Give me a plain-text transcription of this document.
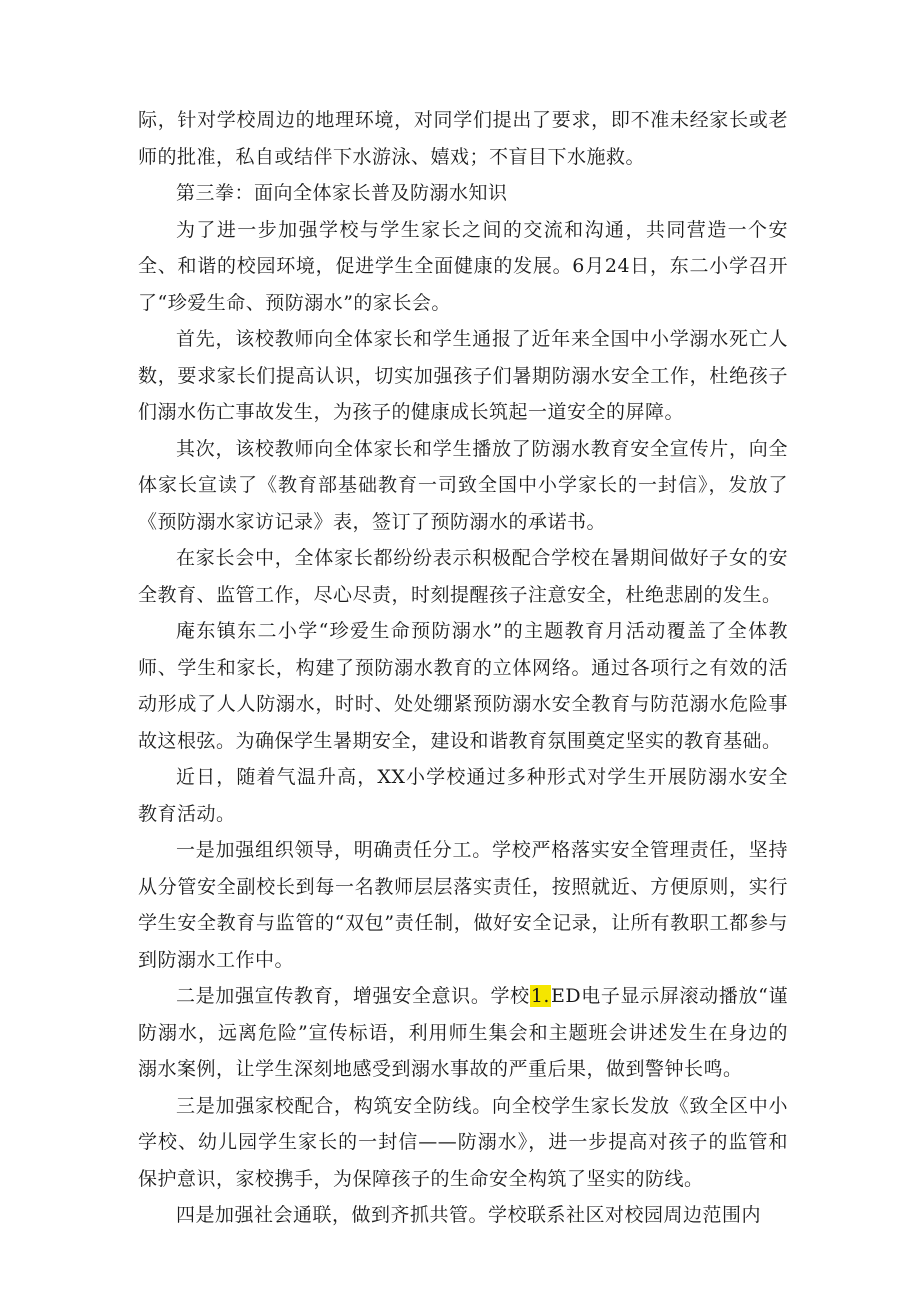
际，针对学校周边的地理环境，对同学们提出了要求，即不准未经家长或老师的批准，私自或结伴下水游泳、嬉戏；不盲目下水施救。

第三拳：面向全体家长普及防溺水知识

为了进一步加强学校与学生家长之间的交流和沟通，共同营造一个安全、和谐的校园环境，促进学生全面健康的发展。6月24日，东二小学召开了“珍爱生命、预防溺水”的家长会。

首先，该校教师向全体家长和学生通报了近年来全国中小学溺水死亡人数，要求家长们提高认识，切实加强孩子们暑期防溺水安全工作，杜绝孩子们溺水伤亡事故发生，为孩子的健康成长筑起一道安全的屏障。

其次，该校教师向全体家长和学生播放了防溺水教育安全宣传片，向全体家长宣读了《教育部基础教育一司致全国中小学家长的一封信》，发放了《预防溺水家访记录》表，签订了预防溺水的承诺书。

在家长会中，全体家长都纷纷表示积极配合学校在暑期间做好子女的安全教育、监管工作，尽心尽责，时刻提醒孩子注意安全，杜绝悲剧的发生。

庵东镇东二小学“珍爱生命预防溺水”的主题教育月活动覆盖了全体教师、学生和家长，构建了预防溺水教育的立体网络。通过各项行之有效的活动形成了人人防溺水，时时、处处绷紧预防溺水安全教育与防范溺水危险事故这根弦。为确保学生暑期安全，建设和谐教育氛围奠定坚实的教育基础。

近日，随着气温升高，XX小学校通过多种形式对学生开展防溺水安全教育活动。

一是加强组织领导，明确责任分工。学校严格落实安全管理责任，坚持从分管安全副校长到每一名教师层层落实责任，按照就近、方便原则，实行学生安全教育与监管的“双包”责任制，做好安全记录，让所有教职工都参与到防溺水工作中。

二是加强宣传教育，增强安全意识。学校1.ED电子显示屏滚动播放“谨防溺水，远离危险”宣传标语，利用师生集会和主题班会讲述发生在身边的溺水案例，让学生深刻地感受到溺水事故的严重后果，做到警钟长鸣。

三是加强家校配合，构筑安全防线。向全校学生家长发放《致全区中小学校、幼儿园学生家长的一封信——防溺水》，进一步提高对孩子的监管和保护意识，家校携手，为保障孩子的生命安全构筑了坚实的防线。

四是加强社会通联，做到齐抓共管。学校联系社区对校园周边范围内
